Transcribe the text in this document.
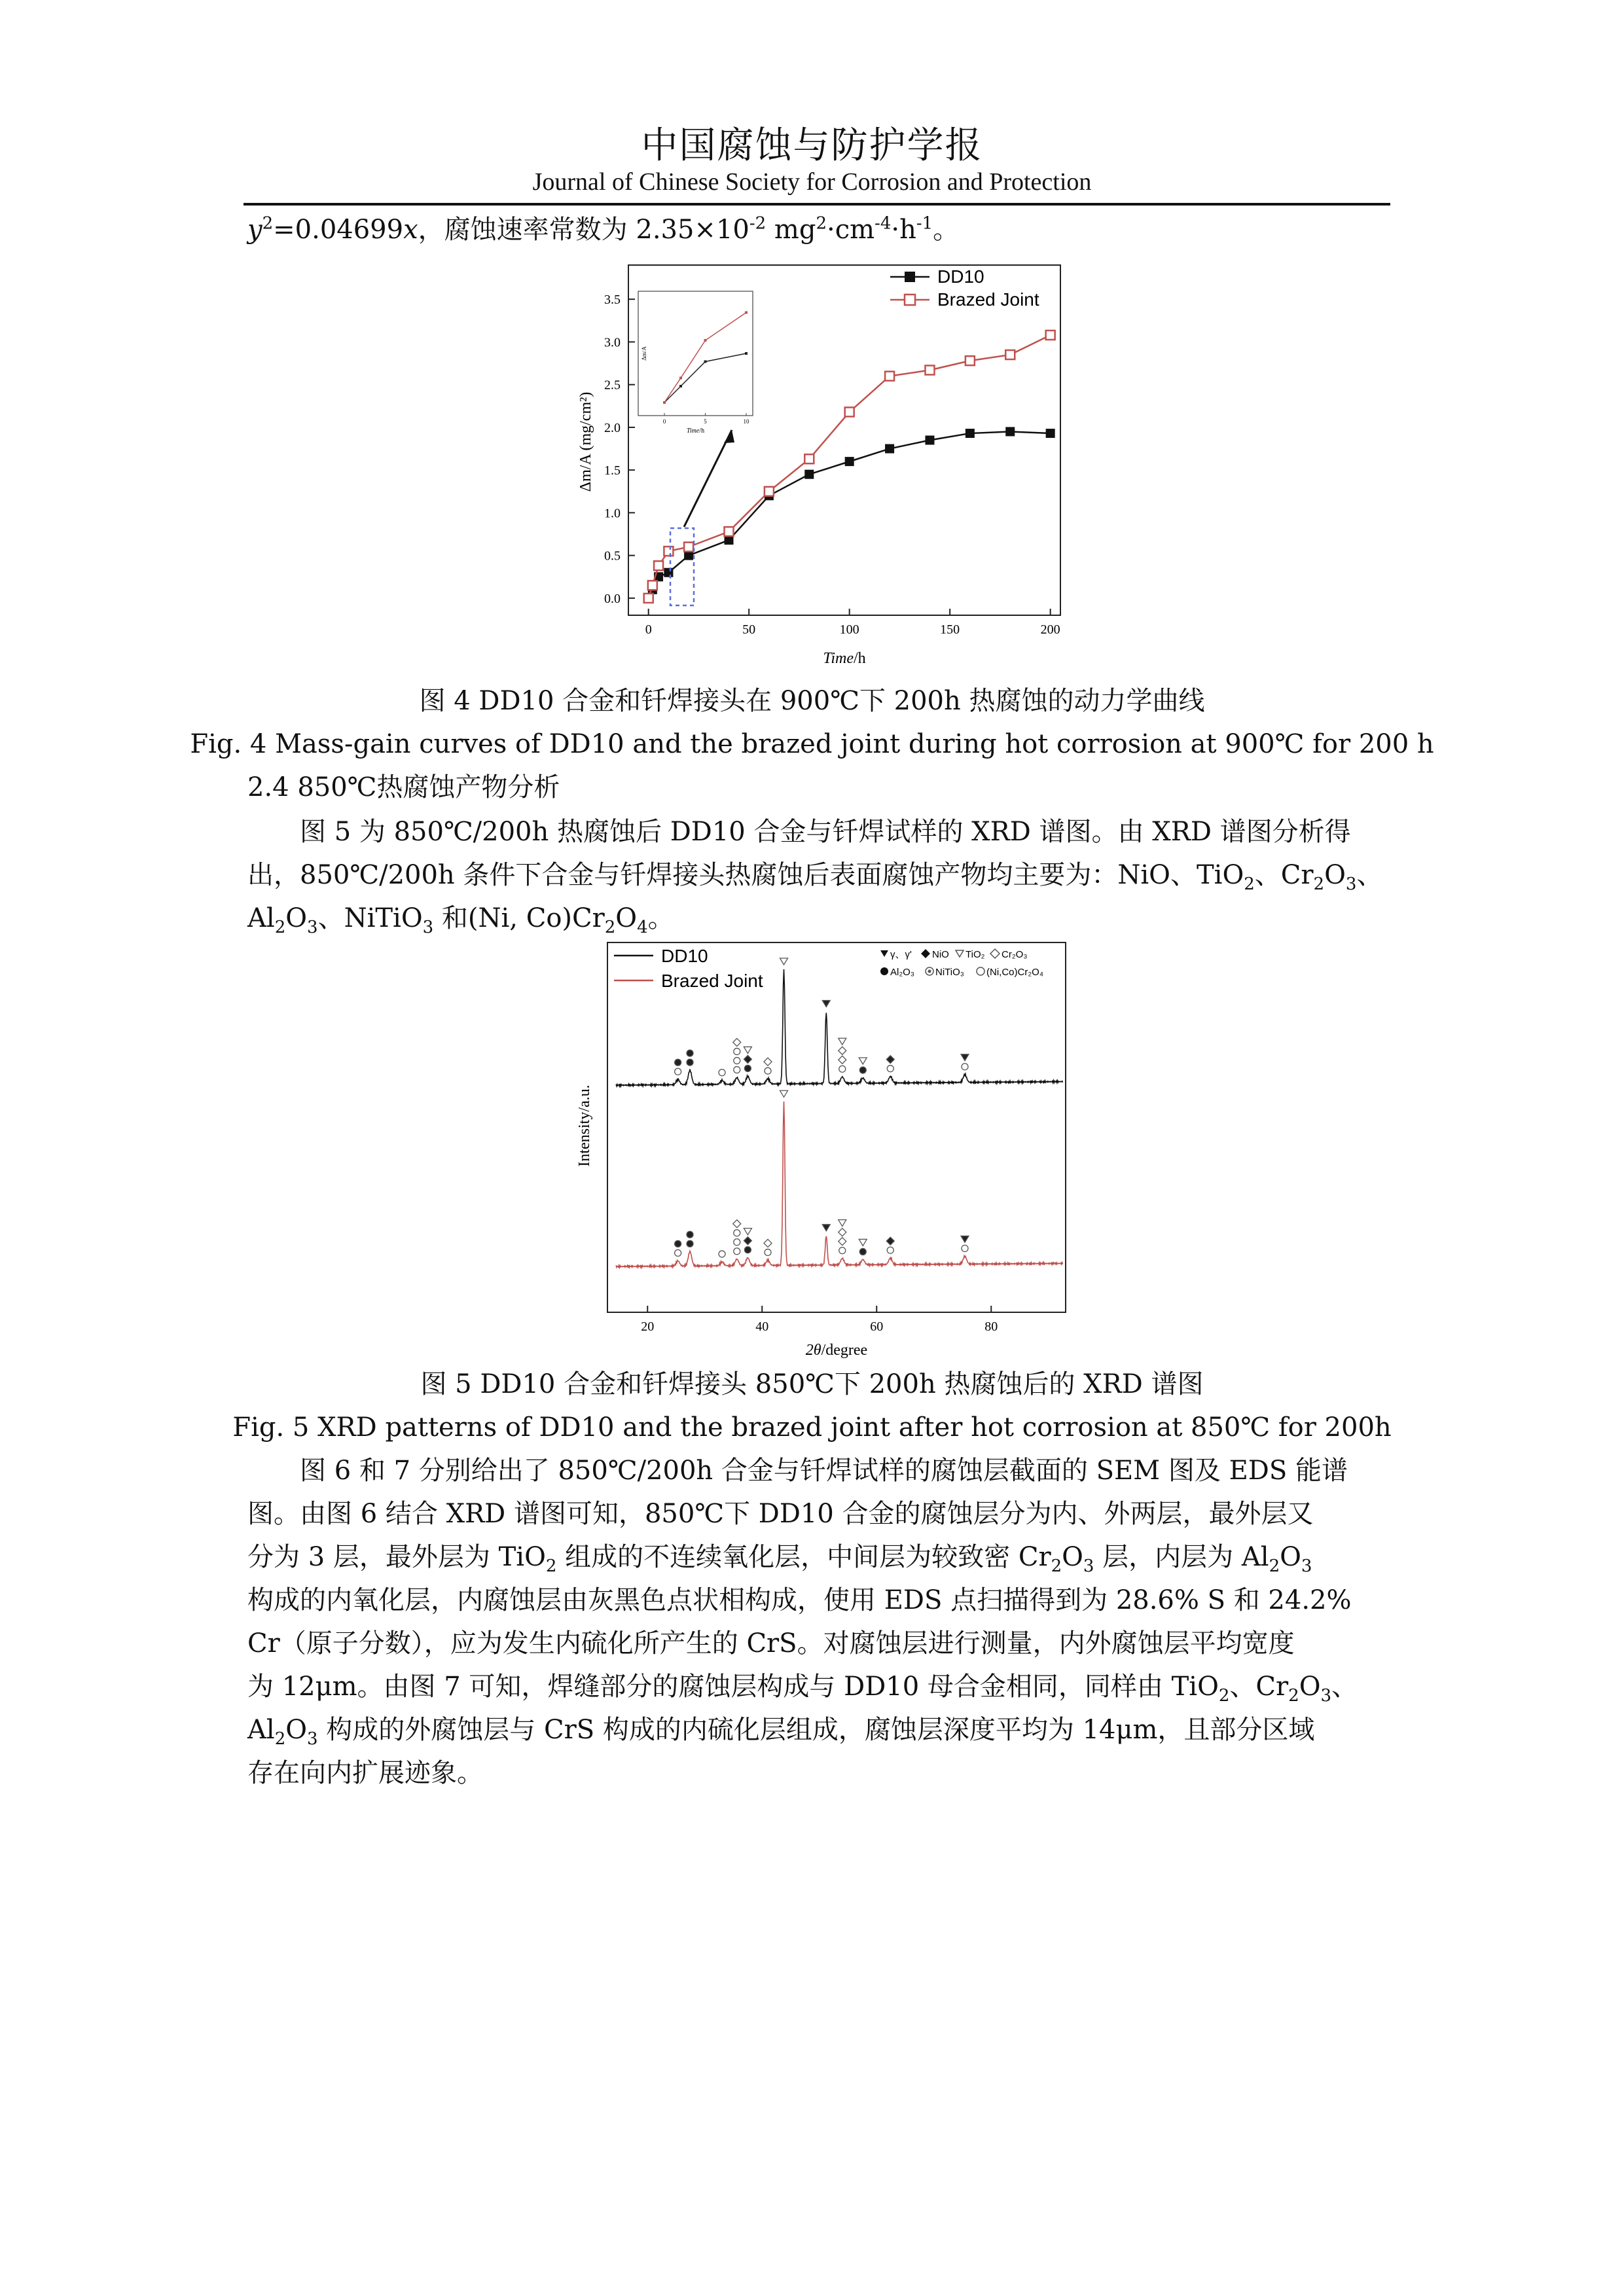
中国腐蚀与防护学报
Journal of Chinese Society for Corrosion and Protection
$y^2=0.04699x$，腐蚀速率常数为 $2.35\times 10^{-2}$ $mg^2\cdot cm^{-4}\cdot h^{-1}$。
0	50	100	150	200
0.0
0.5
1.0
1.5
2.0
2.5
3.0
3.5
0	5	10
Time/h
Δm/A
Δm/A (mg/cm²)
Time/h
DD10
Brazed Joint
图 4 DD10 合金和钎焊接头在 900℃下 200h 热腐蚀的动力学曲线
Fig. 4 Mass-gain curves of DD10 and the brazed joint during hot corrosion at 900℃ for 200 h
2.4 850℃热腐蚀产物分析
图 5 为 850℃/200h 热腐蚀后 DD10 合金与钎焊试样的 XRD 谱图。由 XRD 谱图分析得
出，850℃/200h 条件下合金与钎焊接头热腐蚀后表面腐蚀产物均主要为：NiO、TiO$_2$、$Cr_2O_3$、
$Al_2O_3$、NiTiO$_3$ 和(Ni, $Co)Cr_2O_4$。
20	40	60	80
Intensity/a.u.
2θ/degree
DD10
Brazed Joint
γ、γ' NiO TiO₂ Cr₂O₃
Al₂O₃ NiTiO₃ (Ni,Co)Cr₂O₄
图 5 DD10 合金和钎焊接头 850℃下 200h 热腐蚀后的 XRD 谱图
Fig. 5 XRD patterns of DD10 and the brazed joint after hot corrosion at 850℃ for 200h
图 6 和 7 分别给出了 850℃/200h 合金与钎焊试样的腐蚀层截面的 SEM 图及 EDS 能谱
图。由图 6 结合 XRD 谱图可知，850℃下 DD10 合金的腐蚀层分为内、外两层，最外层又
分为 3 层，最外层为 TiO$_2$ 组成的不连续氧化层，中间层为较致密 $Cr_2O_3$ 层，内层为 $Al_2O_3$
构成的内氧化层，内腐蚀层由灰黑色点状相构成，使用 EDS 点扫描得到为 28.6% S 和 24.2%
Cr（原子分数），应为发生内硫化所产生的 CrS。对腐蚀层进行测量，内外腐蚀层平均宽度
为 12μm。由图 7 可知，焊缝部分的腐蚀层构成与 DD10 母合金相同，同样由 TiO$_2$、$Cr_2O_3$、
$Al_2O_3$ 构成的外腐蚀层与 CrS 构成的内硫化层组成，腐蚀层深度平均为 14μm，且部分区域
存在向内扩展迹象。
